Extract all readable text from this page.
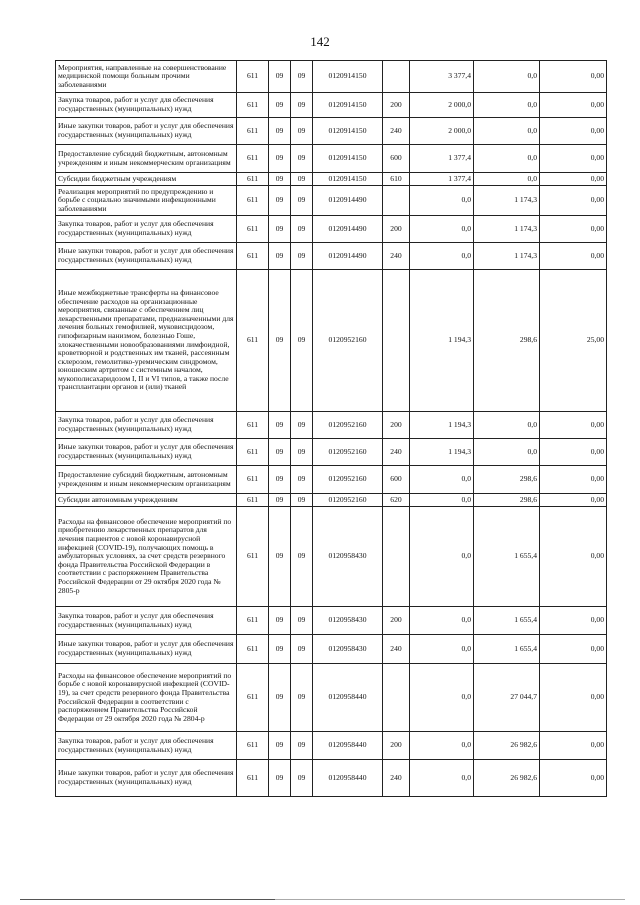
142
Мероприятия, направленные на совершенствование медицинской помощи больным прочими заболеваниями	611	09	09	0120914150		3 377,4	0,0	0,00
Закупка товаров, работ и услуг для обеспечения государственных (муниципальных) нужд	611	09	09	0120914150	200	2 000,0	0,0	0,00
Иные закупки товаров, работ и услуг для обеспечения государственных (муниципальных) нужд	611	09	09	0120914150	240	2 000,0	0,0	0,00
Предоставление субсидий бюджетным, автономным учреждениям и иным некоммерческим организациям	611	09	09	0120914150	600	1 377,4	0,0	0,00
Субсидии бюджетным учреждениям	611	09	09	0120914150	610	1 377,4	0,0	0,00
Реализация мероприятий по предупреждению и борьбе с социально значимыми инфекционными заболеваниями	611	09	09	0120914490		0,0	1 174,3	0,00
Закупка товаров, работ и услуг для обеспечения государственных (муниципальных) нужд	611	09	09	0120914490	200	0,0	1 174,3	0,00
Иные закупки товаров, работ и услуг для обеспечения государственных (муниципальных) нужд	611	09	09	0120914490	240	0,0	1 174,3	0,00
Иные межбюджетные трансферты на финансовое обеспечение расходов на организационные мероприятия, связанные с обеспечением лиц лекарственными препаратами, предназначенными для лечения больных гемофилией, муковисцидозом, гипофизарным нанизмом, болезнью Гоше, злокачественными новообразованиями лимфоидной, кроветворной и родственных им тканей, рассеянным склерозом, гемолитико-уремическим синдромом, юношеским артритом с системным началом, мукополисахаридозом I, II и VI типов, а также после трансплантации органов и (или) тканей	611	09	09	0120952160		1 194,3	298,6	25,00
Закупка товаров, работ и услуг для обеспечения государственных (муниципальных) нужд	611	09	09	0120952160	200	1 194,3	0,0	0,00
Иные закупки товаров, работ и услуг для обеспечения государственных (муниципальных) нужд	611	09	09	0120952160	240	1 194,3	0,0	0,00
Предоставление субсидий бюджетным, автономным учреждениям и иным некоммерческим организациям	611	09	09	0120952160	600	0,0	298,6	0,00
Субсидии автономным учреждениям	611	09	09	0120952160	620	0,0	298,6	0,00
Расходы на финансовое обеспечение мероприятий по приобретению лекарственных препаратов для лечения пациентов с новой коронавирусной инфекцией (COVID-19), получающих помощь в амбулаторных условиях, за счет средств резервного фонда Правительства Российской Федерации в соответствии с распоряжением Правительства Российской Федерации от 29 октября 2020 года № 2805-р	611	09	09	0120958430		0,0	1 655,4	0,00
Закупка товаров, работ и услуг для обеспечения государственных (муниципальных) нужд	611	09	09	0120958430	200	0,0	1 655,4	0,00
Иные закупки товаров, работ и услуг для обеспечения государственных (муниципальных) нужд	611	09	09	0120958430	240	0,0	1 655,4	0,00
Расходы на финансовое обеспечение мероприятий по борьбе с новой коронавирусной инфекцией (COVID-19), за счет средств резервного фонда Правительства Российской Федерации в соответствии с распоряжением Правительства Российской Федерации от 29 октября 2020 года № 2804-р	611	09	09	0120958440		0,0	27 044,7	0,00
Закупка товаров, работ и услуг для обеспечения государственных (муниципальных) нужд	611	09	09	0120958440	200	0,0	26 982,6	0,00
Иные закупки товаров, работ и услуг для обеспечения государственных (муниципальных) нужд	611	09	09	0120958440	240	0,0	26 982,6	0,00
